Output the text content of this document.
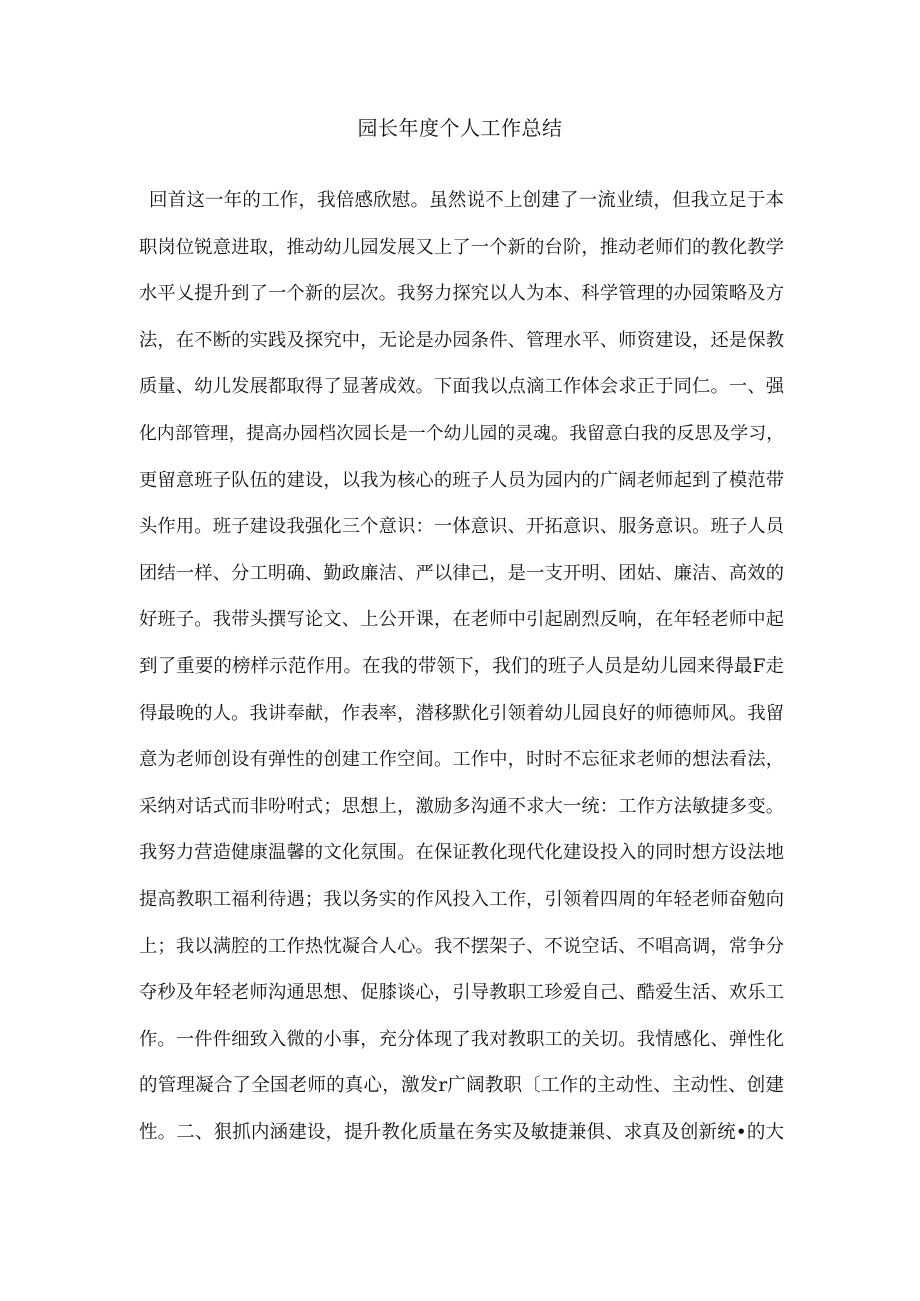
园长年度个人工作总结
回首这一年的工作，我倍感欣慰。虽然说不上创建了一流业绩，但我立足于本
职岗位锐意进取，推动幼儿园发展又上了一个新的台阶，推动老师们的教化教学
水平乂提升到了一个新的层次。我努力探究以人为本、科学管理的办园策略及方
法，在不断的实践及探究中，无论是办园条件、管理水平、师资建设，还是保教
质量、幼儿发展都取得了显著成效。下面我以点滴工作体会求正于同仁。一、强
化内部管理，提高办园档次园长是一个幼儿园的灵魂。我留意白我的反思及学习，
更留意班子队伍的建设，以我为核心的班子人员为园内的广阔老师起到了模范带
头作用。班子建设我强化三个意识：一体意识、开拓意识、服务意识。班子人员
团结一样、分工明确、勤政廉洁、严以律己，是一支开明、团姑、廉洁、高效的
好班子。我带头撰写论文、上公开课，在老师中引起剧烈反响，在年轻老师中起
到了重要的榜样示范作用。在我的带领下，我们的班子人员是幼儿园来得最F走
得最晚的人。我讲奉献，作表率，潜移默化引领着幼儿园良好的师德师风。我留
意为老师创设有弹性的创建工作空间。工作中，时时不忘征求老师的想法看法，
采纳对话式而非吩咐式；思想上，激励多沟通不求大一统：工作方法敏捷多变。
我努力营造健康温馨的文化氛围。在保证教化现代化建设投入的同时想方设法地
提高教职工福利待遇；我以务实的作风投入工作，引领着四周的年轻老师奋勉向
上；我以满腔的工作热忱凝合人心。我不摆架子、不说空话、不唱高调，常争分
夺秒及年轻老师沟通思想、促膝谈心，引导教职工珍爱自己、酷爱生活、欢乐工
作。一件件细致入微的小事，充分体现了我对教职工的关切。我情感化、弹性化
的管理凝合了全国老师的真心，激发r广阔教职〔工作的主动性、主动性、创建
性。二、狠抓内涵建设，提升教化质量在务实及敏捷兼俱、求真及创新统•的大
